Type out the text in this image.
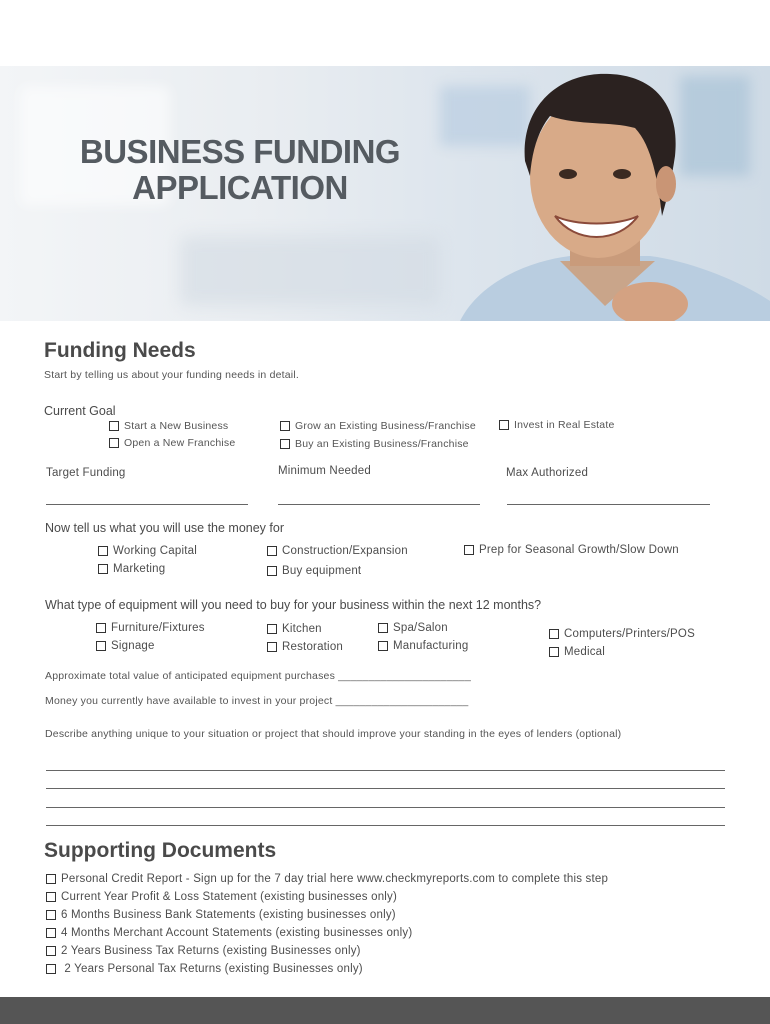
BUSINESS FUNDING
APPLICATION
Funding Needs
Start by telling us about your funding needs in detail.
Current Goal
Start a New Business
Open a New Franchise
Grow an Existing Business/Franchise
Buy an Existing Business/Franchise
Invest in Real Estate
Target Funding	Minimum Needed	Max Authorized
Now tell us what you will use the money for
Working Capital
Marketing
Construction/Expansion
Buy equipment
Prep for Seasonal Growth/Slow Down
What type of equipment will you need to buy for your business within the next 12 months?
Furniture/Fixtures
Signage
Kitchen
Restoration
Spa/Salon
Manufacturing
Computers/Printers/POS
Medical
Approximate total value of anticipated equipment purchases ______________________
Money you currently have available to invest in your project ______________________
Describe anything unique to your situation or project that should improve your standing in the eyes of lenders (optional)
Supporting Documents
Personal Credit Report - Sign up for the 7 day trial here www.checkmyreports.com to complete this step
Current Year Profit & Loss Statement (existing businesses only)
6 Months Business Bank Statements (existing businesses only)
4 Months Merchant Account Statements (existing businesses only)
2 Years Business Tax Returns (existing Businesses only)
2 Years Personal Tax Returns (existing Businesses only)
